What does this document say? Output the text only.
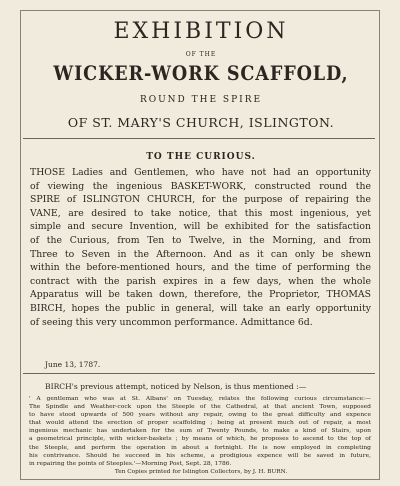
EXHIBITION
OF THE
WICKER-WORK SCAFFOLD,
ROUND THE SPIRE
OF ST. MARY'S CHURCH, ISLINGTON.
TO THE CURIOUS.

THOSE Ladies and Gentlemen, who have not had an opportunity

of viewing the ingenious BASKET-WORK, constructed round the

SPIRE of ISLINGTON CHURCH, for the purpose of repairing the

VANE, are desired to take notice, that this most ingenious, yet

simple and secure Invention, will be exhibited for the satisfaction

of the Curious, from Ten to Twelve, in the Morning, and from

Three to Seven in the Afternoon. And as it can only be shewn

within the before-mentioned hours, and the time of performing the

contract with the parish expires in a few days, when the whole

Apparatus will be taken down, therefore, the Proprietor, THOMAS

BIRCH, hopes the public in general, will take an early opportunity

of seeing this very uncommon performance. Admittance 6d.

June 13, 1787.
BIRCH's previous attempt, noticed by Nelson, is thus mentioned :—

' A gentleman who was at St. Albans' on Tuesday, relates the following curious circumstance:—

The Spindle and Weather-cock upon the Steeple of the Cathedral, at that ancient Town, supposed

to have stood upwards of 500 years without any repair, owing to the great difficulty and expence

that would attend the erection of proper scaffolding ; being at present much out of repair, a most

ingenious mechanic has undertaken for the sum of Twenty Pounds, to make a kind of Stairs, upon

a geometrical principle, with wicker-baskets ; by means of which, he proposes to ascend to the top of

the Steeple, and perform the operation in about a fortnight. He is now employed in completing

his contrivance. Should he succeed in his scheme, a prodigious expence will be saved in future,

in repairing the points of Steeples.'—Morning Post, Sept. 28, 1786.

Ten Copies printed for Islington Collectors, by J. H. BURN.
